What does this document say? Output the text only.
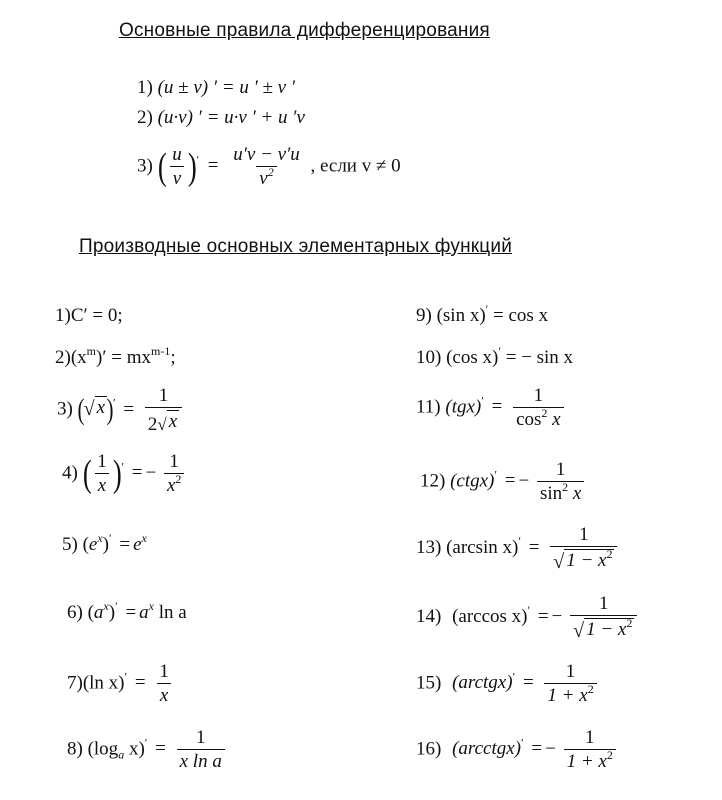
Основные правила дифференцирования
1) (u ± v) ′ = u ′ ± v ′
2) (u·v) ′ = u·v ′ + u ′v
3) ( $\frac{u}{v} )' = \frac{u'v - v'u}{v^2}$ , если v ≠ 0
Производные основных элементарных функций
1)C′ = 0;
$2)(x^m)' = mx^{m-1}$;
3) ( √ x )$' = \frac{1}{2 √ x}$
4) ( $\frac{1}{x} )'$ = − $\frac{1}{x^2}$
5) $(e^x)' = e^x$
6) $(a^x)' = a^x$ ln a
7)(ln $x)' = \frac{1}{x}$
8) ($\log_a$ $x)' = \frac{1}{\text{x ln a}}$
9) (sin x)′ = cos x
10) (cos x)′ = − sin x
11) $(tgx)' = \frac{1}{\cos^2 x}$
12) (ctgx)′ = − $\frac{1}{\sin^2 x}$
13) (arcsin $x)' = \frac{1}{√ 1 - x^2}$
14) (arccos x)′ = − $\frac{1}{√ 1 - x^2}$
15) (arctgx)′ = $\frac{1}{1 + x^2}$
16) (arcctgx)′ = − $\frac{1}{1 + x^2}$
